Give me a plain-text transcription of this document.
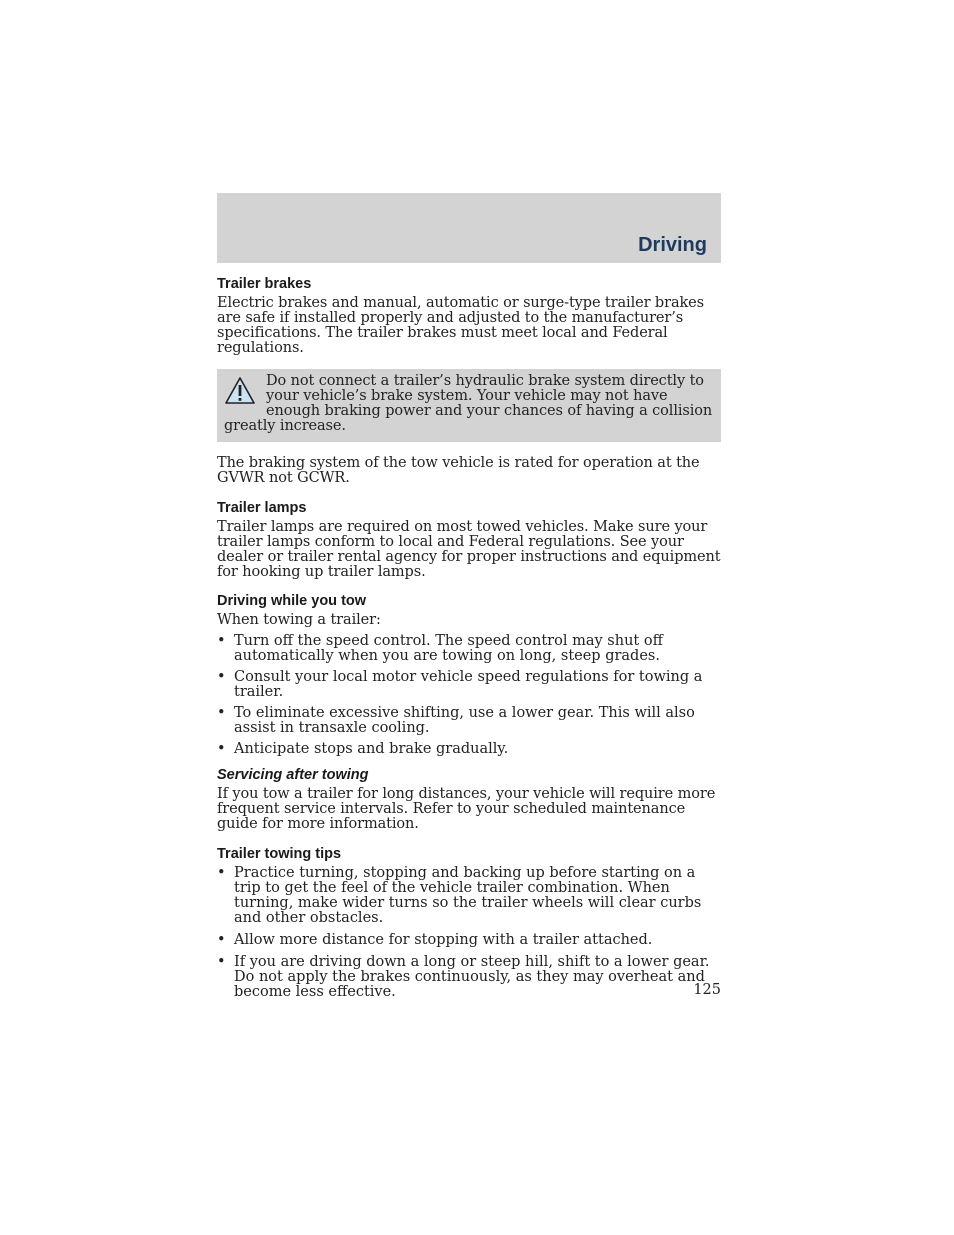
Driving
Trailer brakes

Electric brakes and manual, automatic or surge-type trailer brakes are safe if installed properly and adjusted to the manufacturer’s specifications. The trailer brakes must meet local and Federal regulations.

Do not connect a trailer’s hydraulic brake system directly to your vehicle’s brake system. Your vehicle may not have enough braking power and your chances of having a collision greatly increase.

The braking system of the tow vehicle is rated for operation at the GVWR not GCWR.

Trailer lamps

Trailer lamps are required on most towed vehicles. Make sure your trailer lamps conform to local and Federal regulations. See your dealer or trailer rental agency for proper instructions and equipment for hooking up trailer lamps.

Driving while you tow

When towing a trailer:

• Turn off the speed control. The speed control may shut off automatically when you are towing on long, steep grades.
• Consult your local motor vehicle speed regulations for towing a trailer.
• To eliminate excessive shifting, use a lower gear. This will also assist in transaxle cooling.
• Anticipate stops and brake gradually.
Servicing after towing

If you tow a trailer for long distances, your vehicle will require more frequent service intervals. Refer to your scheduled maintenance guide for more information.

Trailer towing tips
• Practice turning, stopping and backing up before starting on a trip to get the feel of the vehicle trailer combination. When turning, make wider turns so the trailer wheels will clear curbs and other obstacles.
• Allow more distance for stopping with a trailer attached.
• If you are driving down a long or steep hill, shift to a lower gear. Do not apply the brakes continuously, as they may overheat and become less effective.	125
